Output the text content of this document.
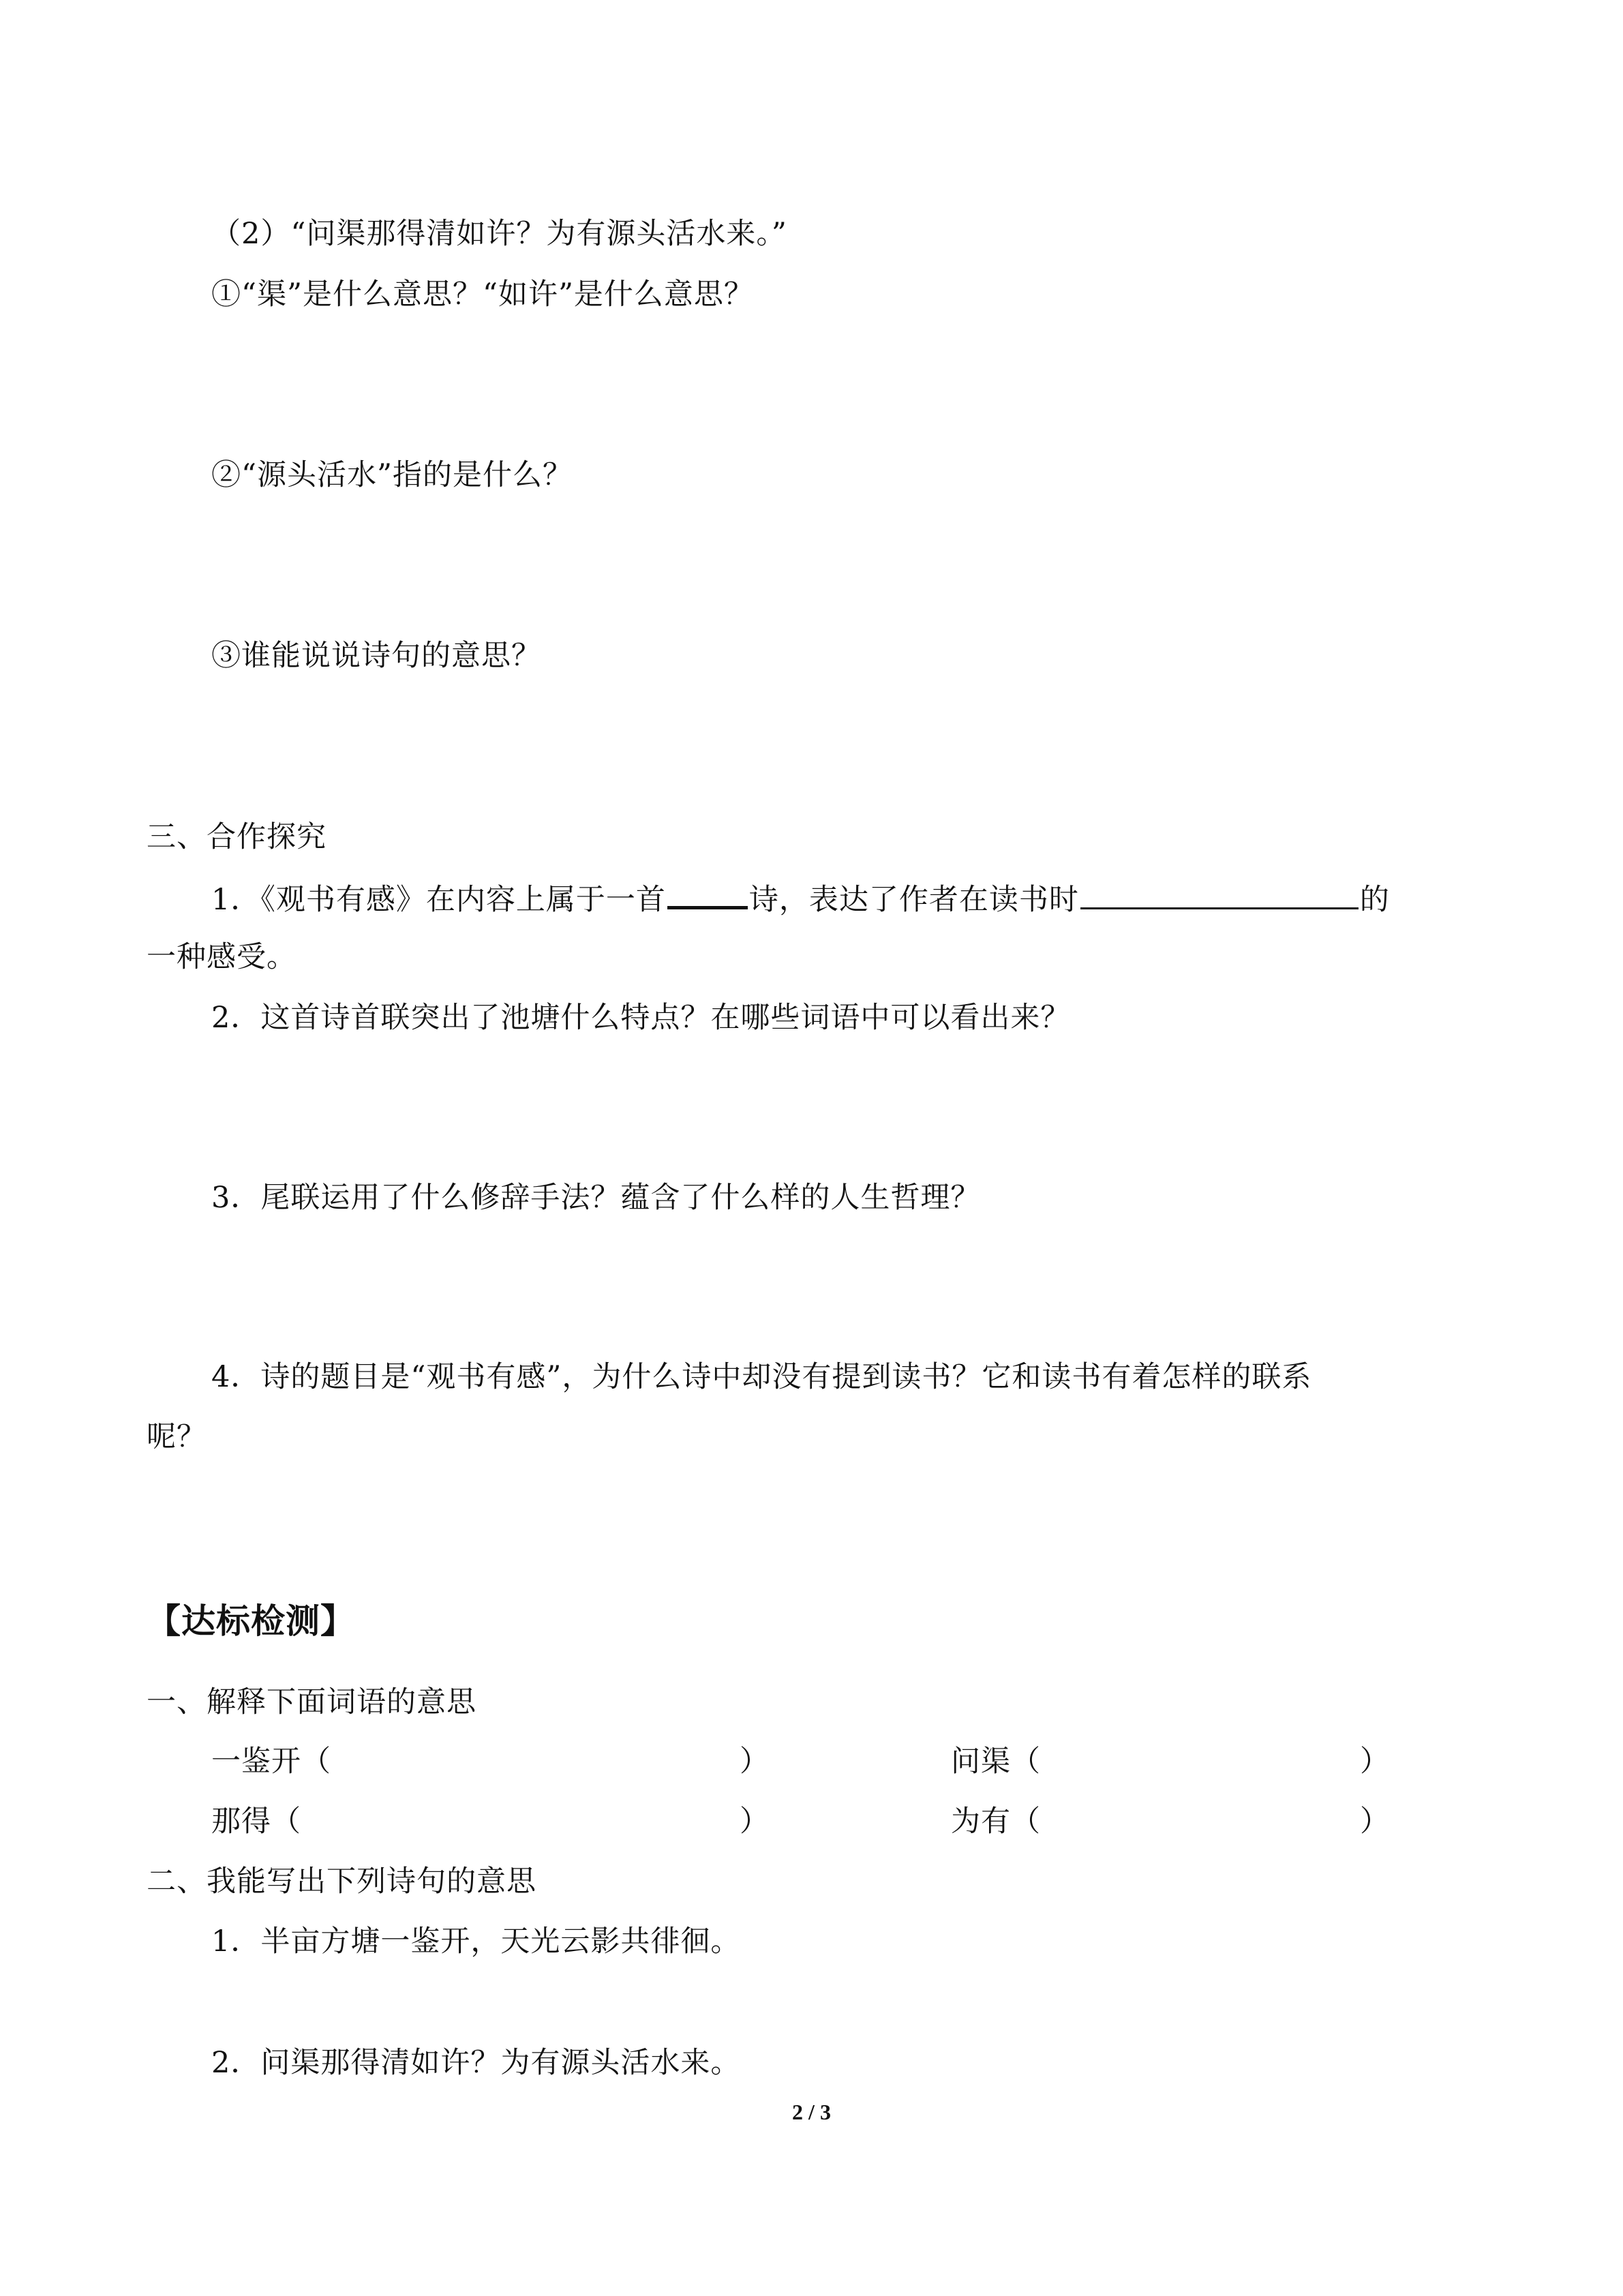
（2）“问渠那得清如许？为有源头活水来。”
①“渠”是什么意思？“如许”是什么意思？
②“源头活水”指的是什么？
③谁能说说诗句的意思？
三、合作探究
1．《观书有感》在内容上属于一首	诗，表达了作者在读书时	的
一种感受。
2．这首诗首联突出了池塘什么特点？在哪些词语中可以看出来？
3．尾联运用了什么修辞手法？蕴含了什么样的人生哲理？
4．诗的题目是“观书有感”，为什么诗中却没有提到读书？它和读书有着怎样的联系
呢？
【达标检测】
一、解释下面词语的意思
一鉴开（	）	问渠（	）
那得（	）	为有（	）
二、我能写出下列诗句的意思
1．半亩方塘一鉴开，天光云影共徘徊。
2．问渠那得清如许？为有源头活水来。
2 / 3
